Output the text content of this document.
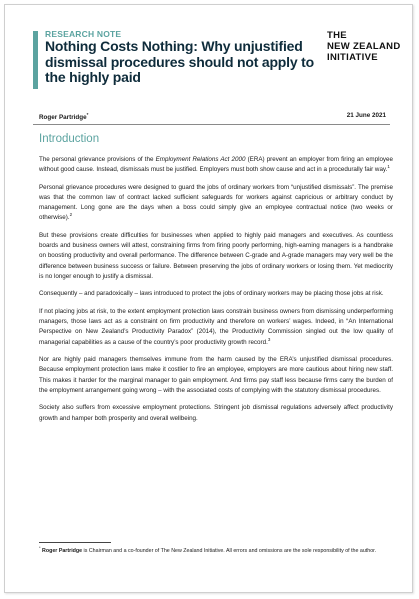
RESEARCH NOTE
Nothing Costs Nothing: Why unjustified dismissal procedures should not apply to the highly paid
THE
NEW ZEALAND
INITIATIVE
Roger Partridge*	21 June 2021
Introduction

The personal grievance provisions of the Employment Relations Act 2000 (ERA) prevent an employer from firing an employee without good cause. Instead, dismissals must be justified. Employers must both show cause and act in a procedurally fair way.$^1$

Personal grievance procedures were designed to guard the jobs of ordinary workers from “unjustified dismissals”. The premise was that the common law of contract lacked sufficient safeguards for workers against capricious or arbitrary conduct by management. Long gone are the days when a boss could simply give an employee contractual notice (two weeks or otherwise).$^2$

But these provisions create difficulties for businesses when applied to highly paid managers and executives. As countless boards and business owners will attest, constraining firms from firing poorly performing, high-earning managers is a handbrake on boosting productivity and overall performance. The difference between C-grade and A-grade managers may very well be the difference between business success or failure. Between preserving the jobs of ordinary workers or losing them. Yet mediocrity is no longer enough to justify a dismissal.

Consequently – and paradoxically – laws introduced to protect the jobs of ordinary workers may be placing those jobs at risk.

If not placing jobs at risk, to the extent employment protection laws constrain business owners from dismissing underperforming managers, those laws act as a constraint on firm productivity and therefore on workers’ wages. Indeed, in “An International Perspective on New Zealand’s Productivity Paradox” (2014), the Productivity Commission singled out the low quality of managerial capabilities as a cause of the country’s poor productivity growth record.$^3$

Nor are highly paid managers themselves immune from the harm caused by the ERA’s unjustified dismissal procedures. Because employment protection laws make it costlier to fire an employee, employers are more cautious about hiring new staff. This makes it harder for the marginal manager to gain employment. And firms pay staff less because firms carry the burden of the employment arrangement going wrong – with the associated costs of complying with the statutory dismissal procedures.

Society also suffers from excessive employment protections. Stringent job dismissal regulations adversely affect productivity growth and hamper both prosperity and overall wellbeing.

* Roger Partridge is Chairman and a co-founder of The New Zealand Initiative. All errors and omissions are the sole responsibility of the author.
